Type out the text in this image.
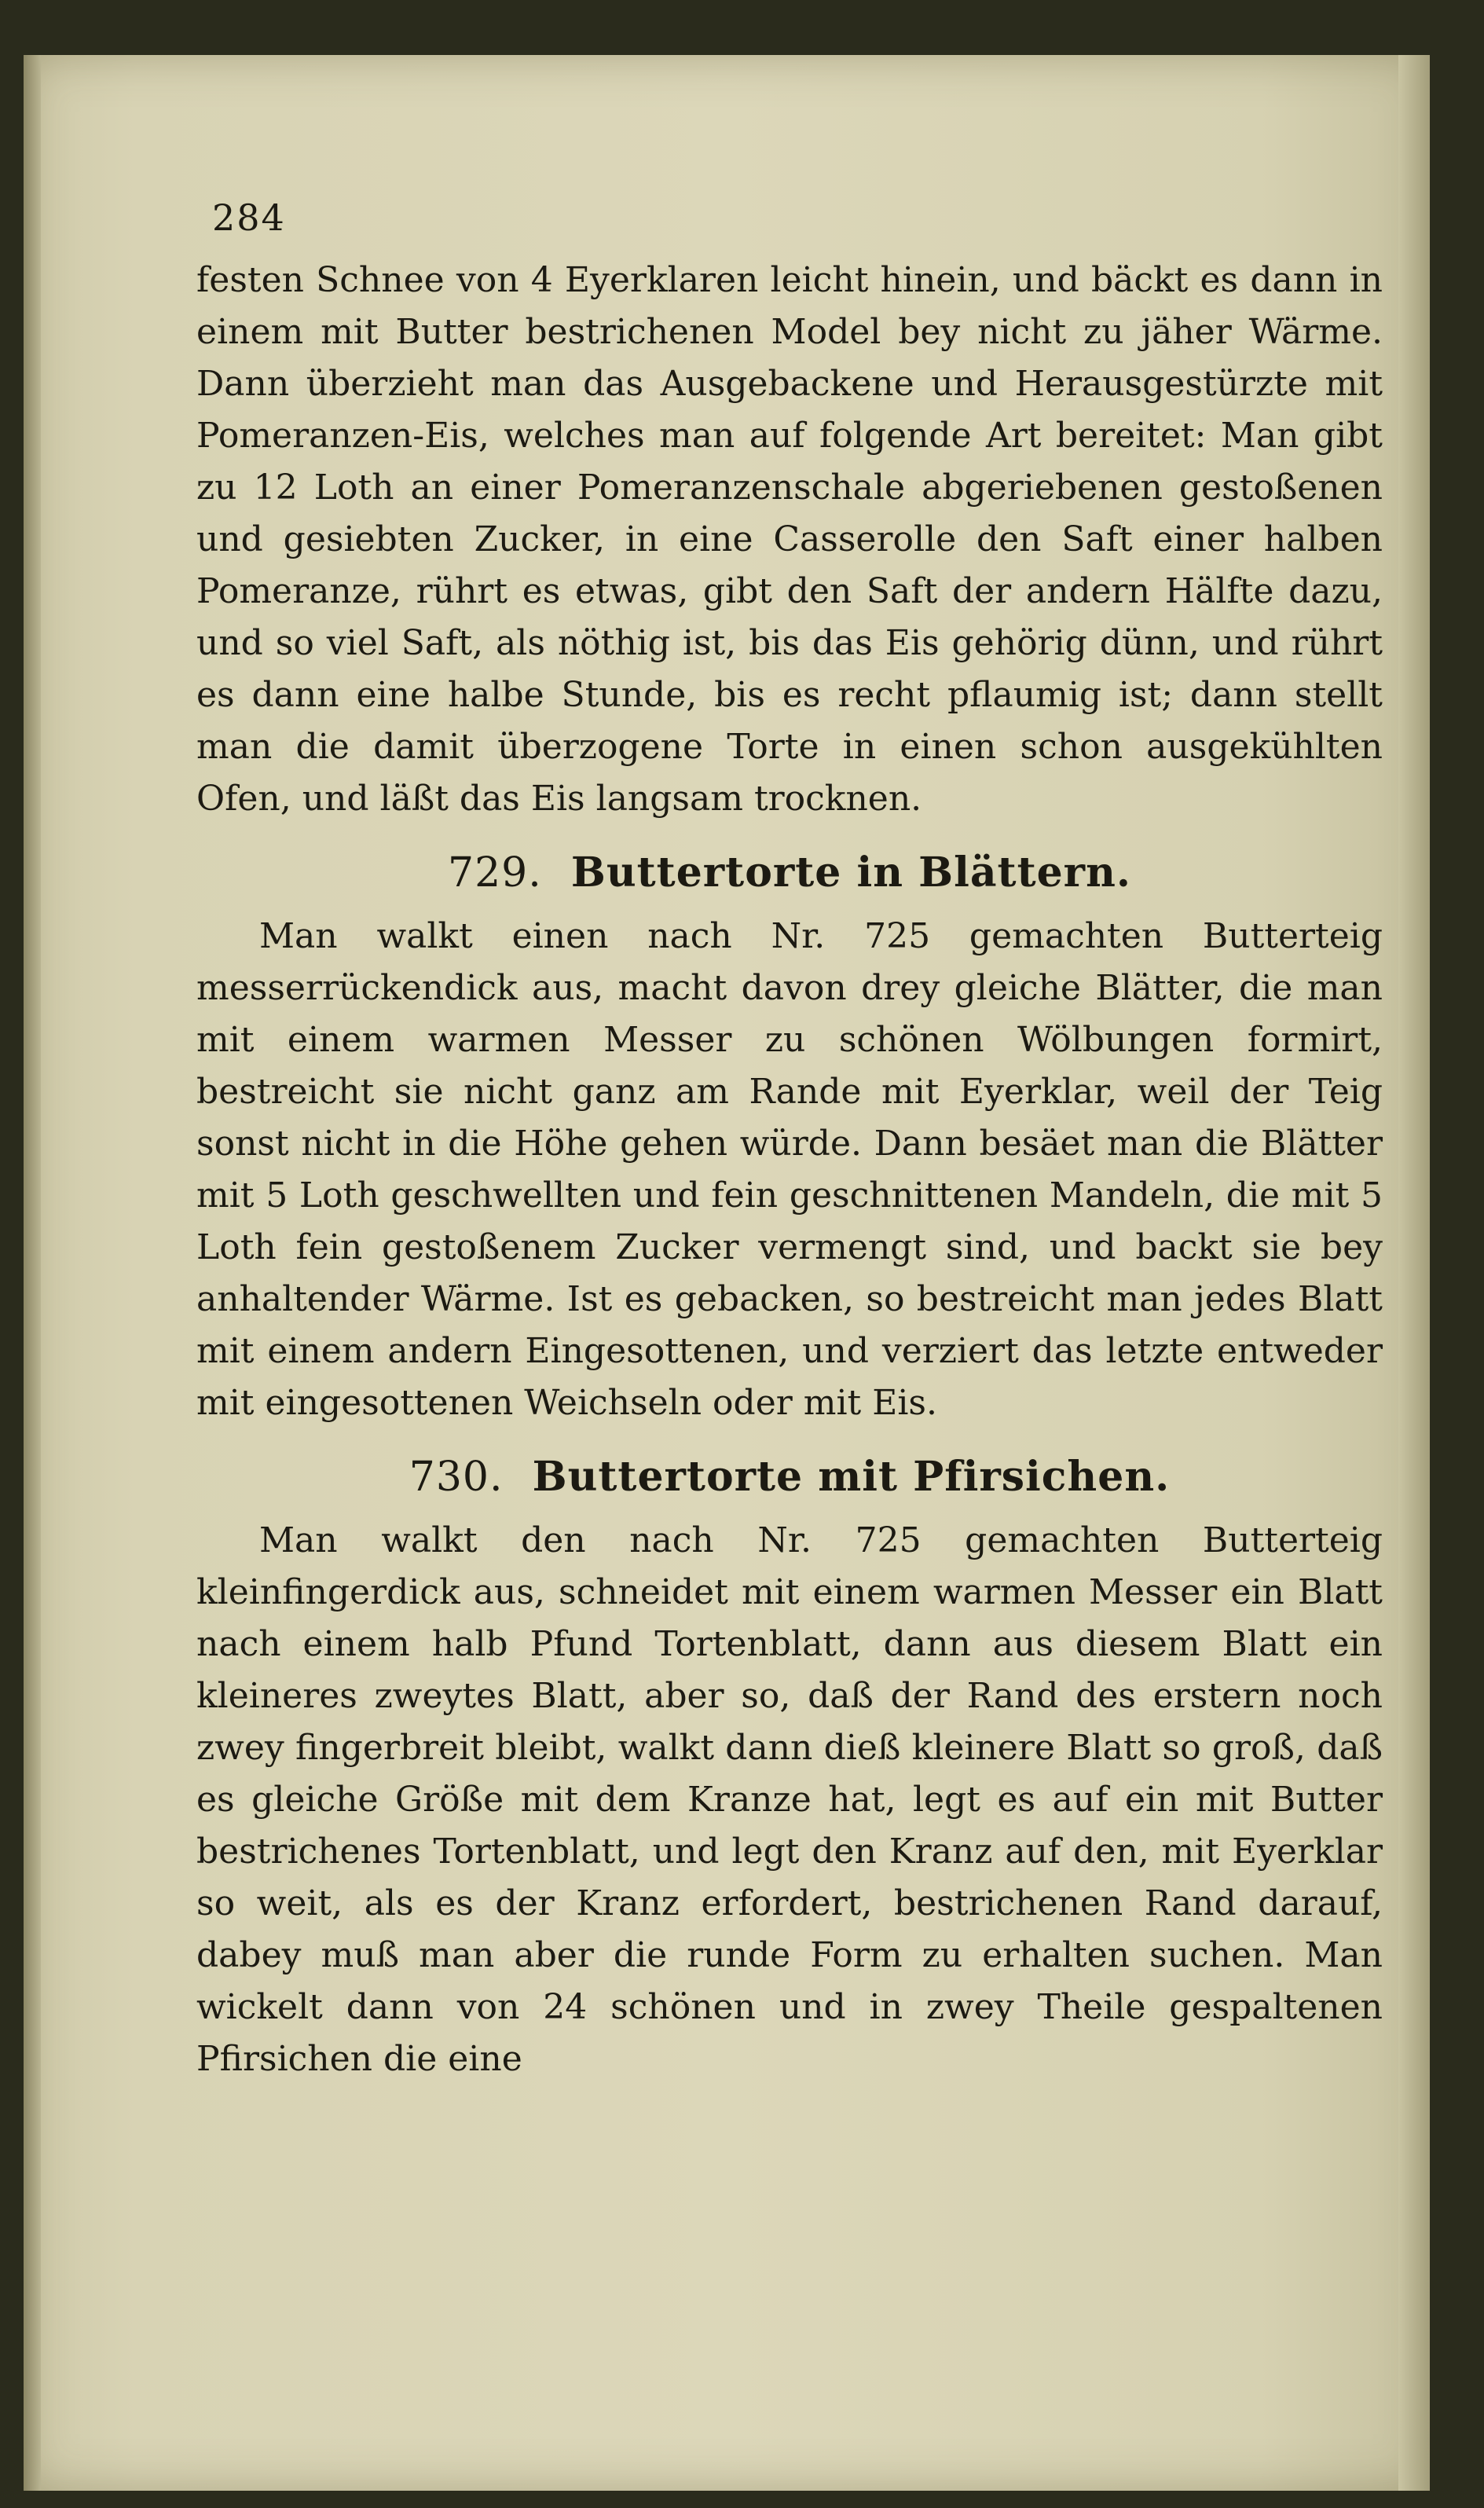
284

festen Schnee von 4 Eyerklaren leicht hinein, und bäckt es dann in einem mit Butter bestrichenen Model bey nicht zu jäher Wärme. Dann überzieht man das Ausgebackene und Herausgestürzte mit Pomeranzen-Eis, welches man auf folgende Art bereitet: Man gibt zu 12 Loth an einer Pomeranzenschale abgeriebenen gestoßenen und gesiebten Zucker, in eine Casserolle den Saft einer halben Pomeranze, rührt es etwas, gibt den Saft der andern Hälfte dazu, und so viel Saft, als nöthig ist, bis das Eis gehörig dünn, und rührt es dann eine halbe Stunde, bis es recht pflaumig ist; dann stellt man die damit überzogene Torte in einen schon ausgekühlten Ofen, und läßt das Eis langsam trocknen.

729. Buttertorte in Blättern.

Man walkt einen nach Nr. 725 gemachten Butterteig messerrückendick aus, macht davon drey gleiche Blätter, die man mit einem warmen Messer zu schönen Wölbungen formirt, bestreicht sie nicht ganz am Rande mit Eyerklar, weil der Teig sonst nicht in die Höhe gehen würde. Dann besäet man die Blätter mit 5 Loth geschwellten und fein geschnittenen Mandeln, die mit 5 Loth fein gestoßenem Zucker vermengt sind, und backt sie bey anhaltender Wärme. Ist es gebacken, so bestreicht man jedes Blatt mit einem andern Eingesottenen, und verziert das letzte entweder mit eingesottenen Weichseln oder mit Eis.

730. Buttertorte mit Pfirsichen.

Man walkt den nach Nr. 725 gemachten Butterteig kleinfingerdick aus, schneidet mit einem warmen Messer ein Blatt nach einem halb Pfund Tortenblatt, dann aus diesem Blatt ein kleineres zweytes Blatt, aber so, daß der Rand des erstern noch zwey fingerbreit bleibt, walkt dann dieß kleinere Blatt so groß, daß es gleiche Größe mit dem Kranze hat, legt es auf ein mit Butter bestrichenes Tortenblatt, und legt den Kranz auf den, mit Eyerklar so weit, als es der Kranz erfordert, bestrichenen Rand darauf, dabey muß man aber die runde Form zu erhalten suchen. Man wickelt dann von 24 schönen und in zwey Theile gespaltenen Pfirsichen die eine
